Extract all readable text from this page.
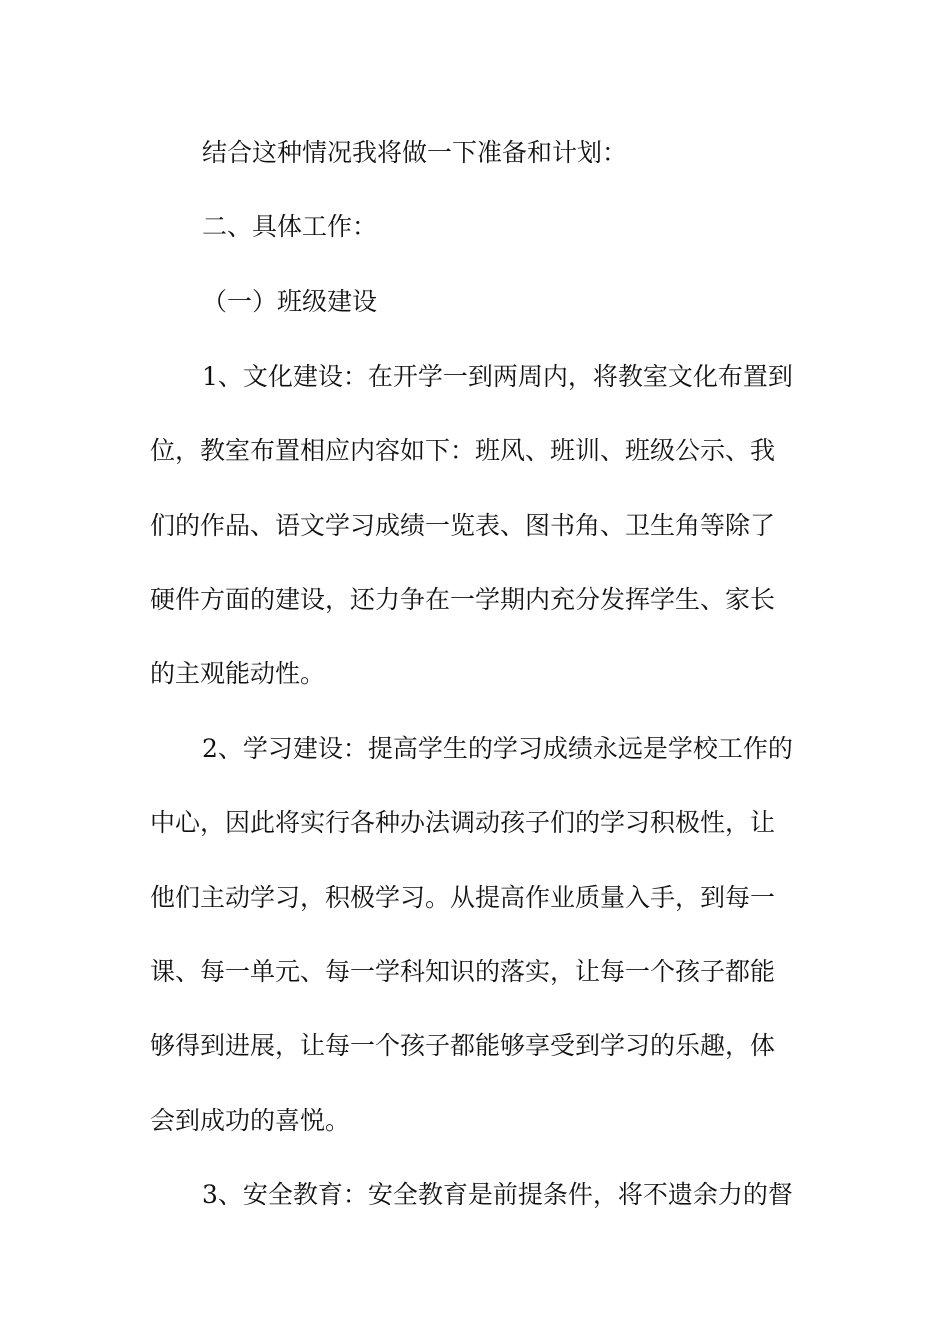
结合这种情况我将做一下准备和计划：
二、具体工作：
（一）班级建设
1、文化建设：在开学一到两周内，将教室文化布置到
位，教室布置相应内容如下：班风、班训、班级公示、我
们的作品、语文学习成绩一览表、图书角、卫生角等除了
硬件方面的建设，还力争在一学期内充分发挥学生、家长
的主观能动性。
2、学习建设：提高学生的学习成绩永远是学校工作的
中心，因此将实行各种办法调动孩子们的学习积极性，让
他们主动学习，积极学习。从提高作业质量入手，到每一
课、每一单元、每一学科知识的落实，让每一个孩子都能
够得到进展，让每一个孩子都能够享受到学习的乐趣，体
会到成功的喜悦。
3、安全教育：安全教育是前提条件，将不遗余力的督
